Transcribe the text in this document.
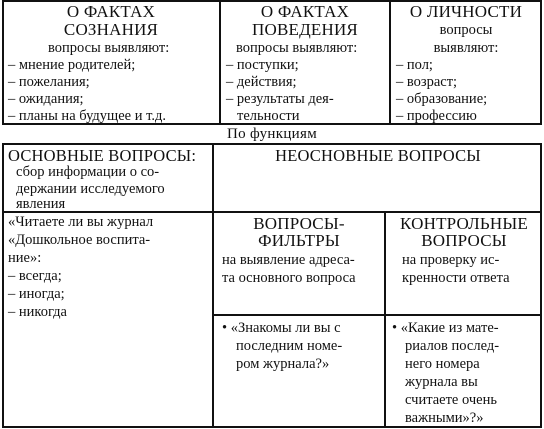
О ФАКТАХ
СОЗНАНИЯ
вопросы выявляют:
– мнение родителей;
– пожелания;
– ожидания;
– планы на будущее и т.д.
О ФАКТАХ
ПОВЕДЕНИЯ
вопросы выявляют:
– поступки;
– действия;
– результаты дея-
тельности
О ЛИЧНОСТИ
вопросы
выявляют:
– пол;
– возраст;
– образование;
– профессию
По функциям
ОСНОВНЫЕ ВОПРОСЫ:
сбор информации о со-
держании исследуемого
явления
«Читаете ли вы журнал
«Дошкольное воспита-
ние»:
– всегда;
– иногда;
– никогда
НЕОСНОВНЫЕ ВОПРОСЫ
ВОПРОСЫ-
ФИЛЬТРЫ
на выявление адреса-
та основного вопроса
• «Знакомы ли вы с
последним номе-
ром журнала?»
КОНТРОЛЬНЫЕ
ВОПРОСЫ
на проверку ис-
кренности ответа
• «Какие из мате-
риалов послед-
него номера
журнала вы
считаете очень
важными»?»
